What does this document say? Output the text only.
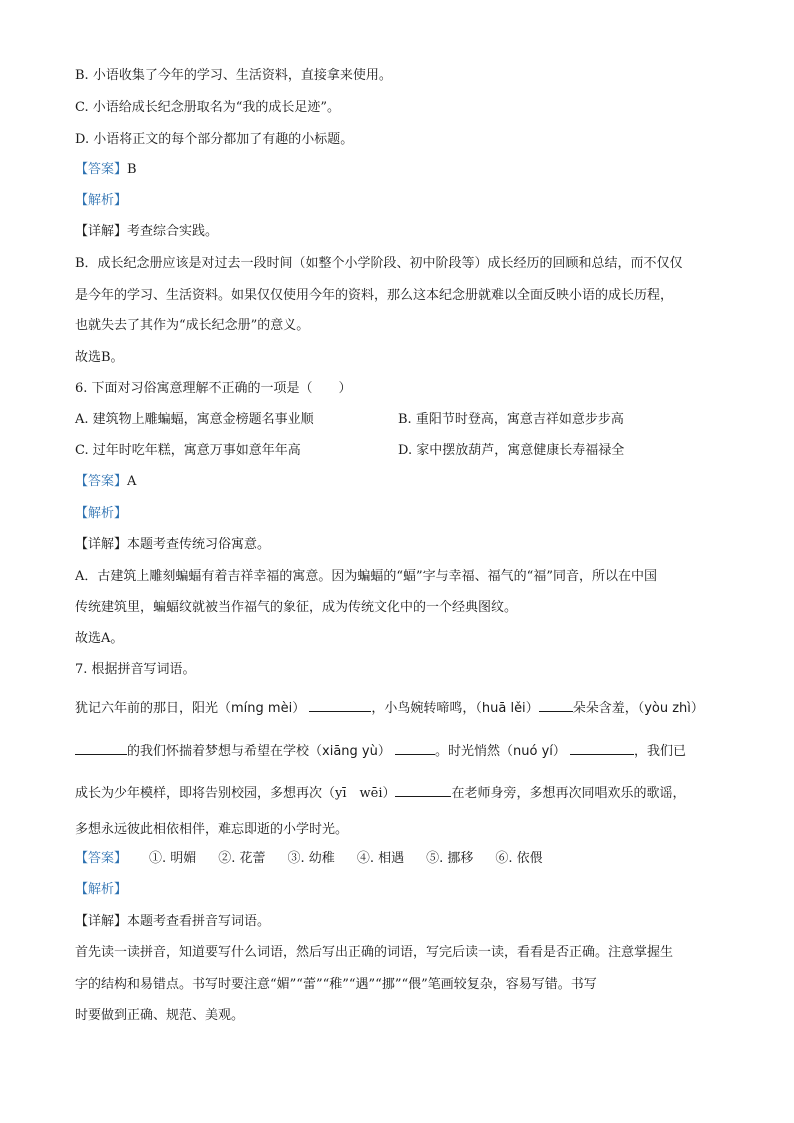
B. 小语收集了今年的学习、生活资料，直接拿来使用。
C. 小语给成长纪念册取名为“我的成长足迹”。
D. 小语将正文的每个部分都加了有趣的小标题。
【答案】B
【解析】
【详解】考查综合实践。
B．成长纪念册应该是对过去一段时间（如整个小学阶段、初中阶段等）成长经历的回顾和总结，而不仅仅
是今年的学习、生活资料。如果仅仅使用今年的资料，那么这本纪念册就难以全面反映小语的成长历程，
也就失去了其作为“成长纪念册”的意义。
故选B。
6. 下面对习俗寓意理解不正确的一项是（　　）
A. 建筑物上雕蝙蝠，寓意金榜题名事业顺	B. 重阳节时登高，寓意吉祥如意步步高
C. 过年时吃年糕，寓意万事如意年年高	D. 家中摆放葫芦，寓意健康长寿福禄全
【答案】A
【解析】
【详解】本题考查传统习俗寓意。
A．古建筑上雕刻蝙蝠有着吉祥幸福的寓意。因为蝙蝠的“蝠”字与幸福、福气的“福”同音，所以在中国
传统建筑里，蝙蝠纹就被当作福气的象征，成为传统文化中的一个经典图纹。
故选A。
7. 根据拼音写词语。
犹记六年前的那日，阳光（míng mèi）	，小鸟婉转啼鸣，（huā lěi）	朵朵含羞，（yòu zhì）
的我们怀揣着梦想与希望在学校（xiāng yù）	。时光悄然（nuó yí）	，我们已
成长为少年模样，即将告别校园，多想再次（yī　wēi）	在老师身旁，多想再次同唱欢乐的歌谣，
多想永远彼此相依相伴，难忘即逝的小学时光。
【答案】 ①. 明媚 ②. 花蕾 ③. 幼稚 ④. 相遇 ⑤. 挪移 ⑥. 依偎
【解析】
【详解】本题考查看拼音写词语。
首先读一读拼音，知道要写什么词语，然后写出正确的词语，写完后读一读，看看是否正确。注意掌握生
字的结构和易错点。书写时要注意“媚”“蕾”“稚”“遇”“挪”“偎”笔画较复杂，容易写错。书写
时要做到正确、规范、美观。
